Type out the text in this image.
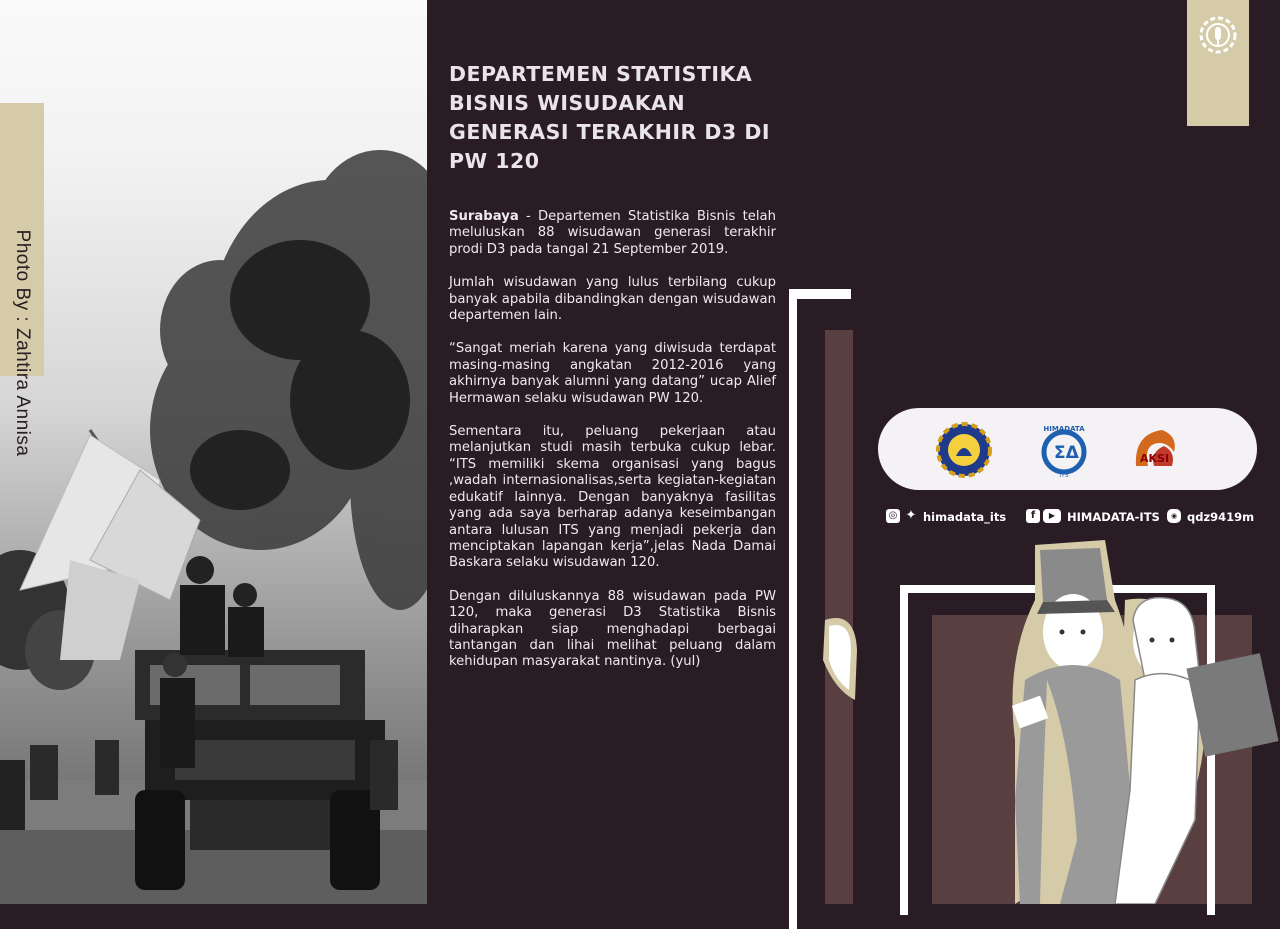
Photo By : Zahtira Annisa
DEPARTEMEN STATISTIKA BISNIS WISUDAKAN GENERASI TERAKHIR D3 DI PW 120

Surabaya - Departemen Statistika Bisnis telah meluluskan 88 wisudawan generasi terakhir prodi D3 pada tangal 21 September 2019.

Jumlah wisudawan yang lulus terbilang cukup banyak apabila dibandingkan dengan wisudawan departemen lain.

“Sangat meriah karena yang diwisuda terdapat masing-masing angkatan 2012-2016 yang akhirnya banyak alumni yang datang” ucap Alief Hermawan selaku wisudawan PW 120.

Sementara itu, peluang pekerjaan atau melanjutkan studi masih terbuka cukup lebar. “ITS memiliki skema organisasi yang bagus ,wadah internasionalisas,serta kegiatan-kegiatan edukatif lainnya. Dengan banyaknya fasilitas yang ada saya berharap adanya keseimbangan antara lulusan ITS yang menjadi pekerja dan menciptakan lapangan kerja”,jelas Nada Damai Baskara selaku wisudawan 120.

Dengan diluluskannya 88 wisudawan pada PW 120, maka generasi D3 Statistika Bisnis diharapkan siap menghadapi berbagai tantangan dan lihai melihat peluang dalam kehidupan masyarakat nantinya. (yul)

ΣΔ
HIMADATA
ITS
AKSI
◎ ✦ himadata_its	f	▶	HIMADATA-ITS	◉ qdz9419m
